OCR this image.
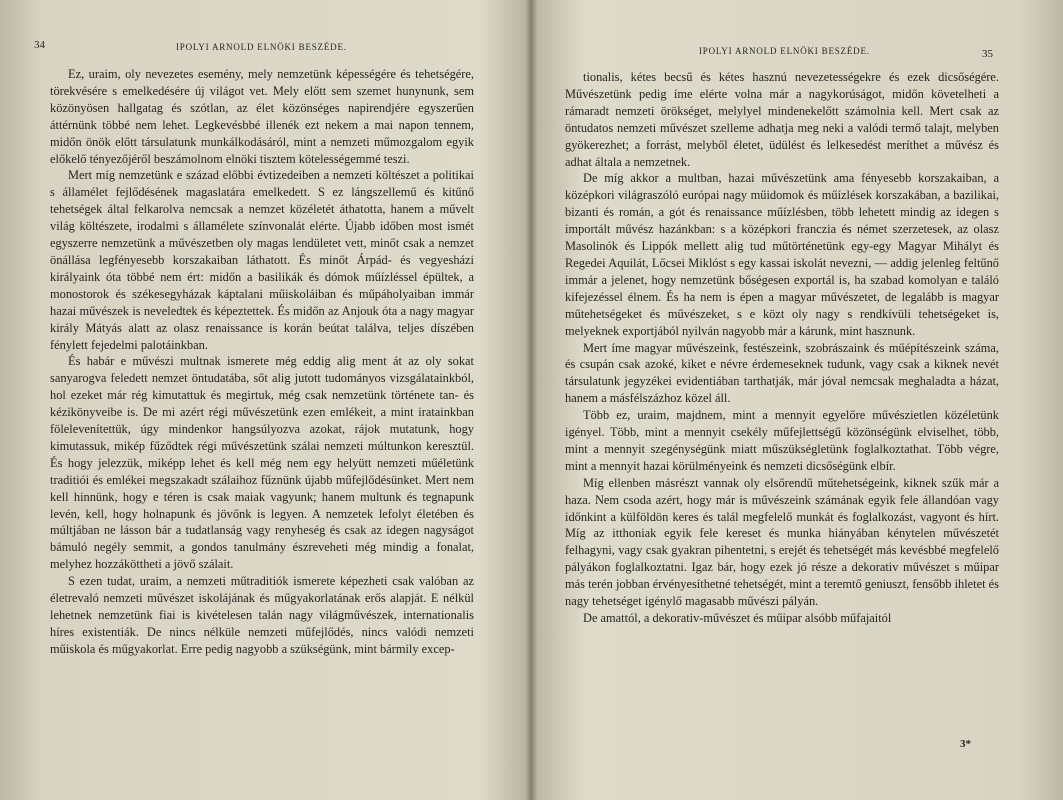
34	IPOLYI ARNOLD ELNÖKI BESZÉDE.

Ez, uraim, oly nevezetes esemény, mely nemzetünk képességére és tehetségére, törekvésére s emelkedésére új világot vet. Mely előtt sem szemet hunynunk, sem közönyösen hallgatag és szótlan, az élet közönséges napirendjére egyszerűen áttérnünk többé nem lehet. Legkevésbbé illenék ezt nekem a mai napon tennem, midőn önök előtt társulatunk munkálkodásáról, mint a nemzeti műmozgalom egyik előkelő tényezőjéről beszámolnom elnöki tisztem kötelességemmé teszi.

Mert míg nemzetünk e század előbbi évtizedeiben a nemzeti költészet a politikai s államélet fejlődésének magaslatára emelkedett. S ez lángszellemű és kitűnő tehetségek által felkarolva nemcsak a nemzet közéletét áthatotta, hanem a művelt világ költészete, irodalmi s államélete színvonalát elérte. Újabb időben most ismét egyszerre nemzetünk a művészetben oly magas lendületet vett, minőt csak a nemzet önállása legfényesebb korszakaiban láthatott. És minőt Árpád- és vegyesházi királyaink óta többé nem ért: midőn a basilikák és dómok műízléssel épültek, a monostorok és székesegyházak káptalani műiskoláiban és műpáholyaiban immár hazai művészek is neveledtek és képeztettek. És midőn az Anjouk óta a nagy magyar király Mátyás alatt az olasz renaissance is korán beútat találva, teljes díszében fénylett fejedelmi palotáinkban.

És habár e művészi multnak ismerete még eddig alig ment át az oly sokat sanyarogva feledett nemzet öntudatába, sőt alig jutott tudományos vizsgálatainkból, hol ezeket már rég kimutattuk és megirtuk, még csak nemzetünk története tan- és kézikönyveibe is. De mi azért régi művészetünk ezen emlékeit, a mint iratainkban fölelevenítettük, úgy mindenkor hangsúlyozva azokat, rájok mutatunk, hogy kimutassuk, mikép fűződtek régi művészetünk szálai nemzeti múltunkon keresztül. És hogy jelezzük, miképp lehet és kell még nem egy helyütt nemzeti műéletünk traditiói és emlékei megszakadt szálaihoz fűznünk újabb műfejlődésünket. Mert nem kell hinnünk, hogy e téren is csak maiak vagyunk; hanem multunk és tegnapunk levén, kell, hogy holnapunk és jövőnk is legyen. A nemzetek lefolyt életében és múltjában ne lásson bár a tudatlanság vagy renyheség és csak az idegen nagyságot bámuló negély semmit, a gondos tanulmány észreveheti még mindig a fonalat, melyhez hozzáköttheti a jövő szálait.

S ezen tudat, uraim, a nemzeti műtraditiók ismerete képezheti csak valóban az életrevaló nemzeti művészet iskolájának és műgyakorlatának erős alapját. E nélkül lehetnek nemzetünk fiai is kivételesen talán nagy világművészek, internationalis híres existentiák. De nincs nélküle nemzeti műfejlődés, nincs valódi nemzeti műiskola és műgyakorlat. Erre pedig nagyobb a szükségünk, mint bármily excep-

IPOLYI ARNOLD ELNÖKI BESZÉDE.	35

tionalis, kétes becsű és kétes hasznú nevezetességekre és ezek dicsőségére. Művészetünk pedig íme elérte volna már a nagykorúságot, midőn követelheti a rámaradt nemzeti örökséget, melylyel mindenekelőtt számolnia kell. Mert csak az öntudatos nemzeti művészet szelleme adhatja meg neki a valódi termő talajt, melyben gyökerezhet; a forrást, melyből életet, üdülést és lelkesedést meríthet a művész és adhat általa a nemzetnek.

De míg akkor a multban, hazai művészetünk ama fényesebb korszakaiban, a középkori világraszóló európai nagy műidomok és műízlések korszakában, a bazilikai, bizanti és román, a gót és renaissance műízlésben, több lehetett mindig az idegen s importált művész hazánkban: s a középkori franczia és német szerzetesek, az olasz Masolinók és Lippók mellett alig tud műtörténetünk egy-egy Magyar Mihályt és Regedei Aquilát, Lőcsei Miklóst s egy kassai iskolát nevezni, — addig jelenleg feltűnő immár a jelenet, hogy nemzetünk bőségesen exportál is, ha szabad komolyan e találó kifejezéssel élnem. És ha nem is épen a magyar művészetet, de legalább is magyar műtehetségeket és művészeket, s e közt oly nagy s rendkívüli tehetségeket is, melyeknek exportjából nyilván nagyobb már a kárunk, mint hasznunk.

Mert íme magyar művészeink, festészeink, szobrászaink és műépítészeink száma, és csupán csak azoké, kiket e névre érdemeseknek tudunk, vagy csak a kiknek nevét társulatunk jegyzékei evidentiában tarthatják, már jóval nemcsak meghaladta a házat, hanem a másfélszázhoz közel áll.

Több ez, uraim, majdnem, mint a mennyit egyelőre művészietlen közéletünk igényel. Több, mint a mennyit csekély műfejlettségű közönségünk elviselhet, több, mint a mennyit szegénységünk miatt műszükségletünk foglalkoztathat. Több végre, mint a mennyit hazai körülményeink és nemzeti dicsőségünk elbír.

Míg ellenben másrészt vannak oly elsőrendű műtehetségeink, kiknek szűk már a haza. Nem csoda azért, hogy már is művészeink számának egyik fele állandóan vagy időnkint a külföldön keres és talál megfelelő munkát és foglalkozást, vagyont és hírt. Míg az itthoniak egyik fele kereset és munka hiányában kénytelen művészetét felhagyni, vagy csak gyakran pihentetni, s erejét és tehetségét más kevésbbé megfelelő pályákon foglalkoztatni. Igaz bár, hogy ezek jó része a dekorativ művészet s műipar más terén jobban érvényesíthetné tehetségét, mint a teremtő geniuszt, fensőbb ihletet és nagy tehetséget igénylő magasabb művészi pályán.

De amattól, a dekorativ-művészet és műipar alsóbb műfajaitól

3*
